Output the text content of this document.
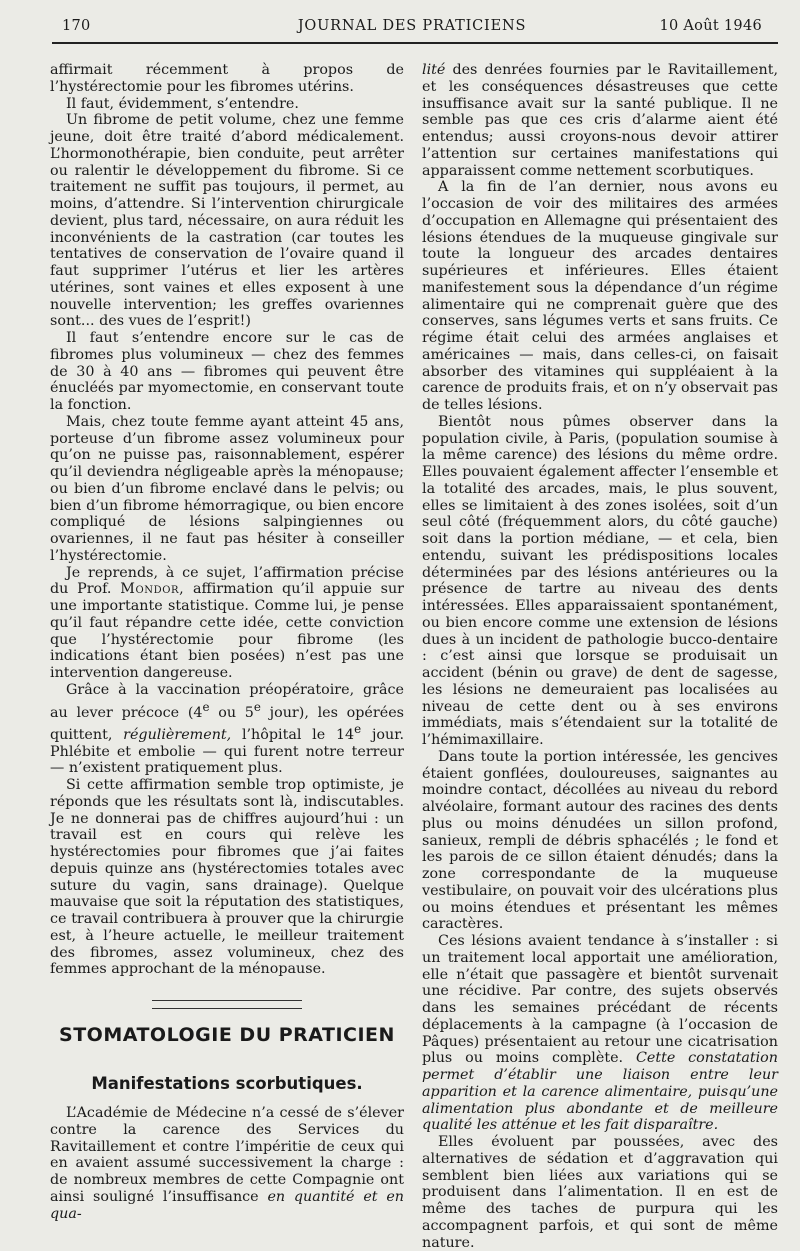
170	JOURNAL DES PRATICIENS	10 Août 1946

affirmait récemment à propos de l’hystérectomie pour les fibromes utérins.

Il faut, évidemment, s’entendre.

Un fibrome de petit volume, chez une femme jeune, doit être traité d’abord médicalement. L’hormonothérapie, bien conduite, peut arrêter ou ralentir le développement du fibrome. Si ce traitement ne suffit pas toujours, il permet, au moins, d’attendre. Si l’intervention chirurgicale devient, plus tard, nécessaire, on aura réduit les inconvénients de la castration (car toutes les tentatives de conservation de l’ovaire quand il faut supprimer l’utérus et lier les artères utérines, sont vaines et elles exposent à une nouvelle intervention; les greffes ovariennes sont... des vues de l’esprit!)

Il faut s’entendre encore sur le cas de fibromes plus volumineux — chez des femmes de 30 à 40 ans — fibromes qui peuvent être énucléés par myomectomie, en conservant toute la fonction.

Mais, chez toute femme ayant atteint 45 ans, porteuse d’un fibrome assez volumineux pour qu’on ne puisse pas, raisonnablement, espérer qu’il deviendra négligeable après la ménopause; ou bien d’un fibrome enclavé dans le pelvis; ou bien d’un fibrome hémorragique, ou bien encore compliqué de lésions salpingiennes ou ovariennes, il ne faut pas hésiter à conseiller l’hystérectomie.

Je reprends, à ce sujet, l’affirmation précise du Prof. Mondor, affirmation qu’il appuie sur une importante statistique. Comme lui, je pense qu’il faut répandre cette idée, cette conviction que l’hystérectomie pour fibrome (les indications étant bien posées) n’est pas une intervention dangereuse.

Grâce à la vaccination préopératoire, grâce au lever précoce (4e ou 5e jour), les opérées quittent, régulièrement, l’hôpital le 14e jour. Phlébite et embolie — qui furent notre terreur — n’existent pratiquement plus.

Si cette affirmation semble trop optimiste, je réponds que les résultats sont là, indiscutables. Je ne donnerai pas de chiffres aujourd’hui : un travail est en cours qui relève les hystérectomies pour fibromes que j’ai faites depuis quinze ans (hystérectomies totales avec suture du vagin, sans drainage). Quelque mauvaise que soit la réputation des statistiques, ce travail contribuera à prouver que la chirurgie est, à l’heure actuelle, le meilleur traitement des fibromes, assez volumineux, chez des femmes approchant de la ménopause.

STOMATOLOGIE DU PRATICIEN
Manifestations scorbutiques.

L’Académie de Médecine n’a cessé de s’élever contre la carence des Services du Ravitaillement et contre l’impéritie de ceux qui en avaient assumé successivement la charge : de nombreux membres de cette Compagnie ont ainsi souligné l’insuffisance en quantité et en qua-

lité des denrées fournies par le Ravitaillement, et les conséquences désastreuses que cette insuffisance avait sur la santé publique. Il ne semble pas que ces cris d’alarme aient été entendus; aussi croyons-nous devoir attirer l’attention sur certaines manifestations qui apparaissent comme nettement scorbutiques.

A la fin de l’an dernier, nous avons eu l’occasion de voir des militaires des armées d’occupation en Allemagne qui présentaient des lésions étendues de la muqueuse gingivale sur toute la longueur des arcades dentaires supérieures et inférieures. Elles étaient manifestement sous la dépendance d’un régime alimentaire qui ne comprenait guère que des conserves, sans légumes verts et sans fruits. Ce régime était celui des armées anglaises et américaines — mais, dans celles-ci, on faisait absorber des vitamines qui suppléaient à la carence de produits frais, et on n’y observait pas de telles lésions.

Bientôt nous pûmes observer dans la population civile, à Paris, (population soumise à la même carence) des lésions du même ordre. Elles pouvaient également affecter l’ensemble et la totalité des arcades, mais, le plus souvent, elles se limitaient à des zones isolées, soit d’un seul côté (fréquemment alors, du côté gauche) soit dans la portion médiane, — et cela, bien entendu, suivant les prédispositions locales déterminées par des lésions antérieures ou la présence de tartre au niveau des dents intéressées. Elles apparaissaient spontanément, ou bien encore comme une extension de lésions dues à un incident de pathologie bucco-dentaire : c’est ainsi que lorsque se produisait un accident (bénin ou grave) de dent de sagesse, les lésions ne demeuraient pas localisées au niveau de cette dent ou à ses environs immédiats, mais s’étendaient sur la totalité de l’hémimaxillaire.

Dans toute la portion intéressée, les gencives étaient gonflées, douloureuses, saignantes au moindre contact, décollées au niveau du rebord alvéolaire, formant autour des racines des dents plus ou moins dénudées un sillon profond, sanieux, rempli de débris sphacélés ; le fond et les parois de ce sillon étaient dénudés; dans la zone correspondante de la muqueuse vestibulaire, on pouvait voir des ulcérations plus ou moins étendues et présentant les mêmes caractères.

Ces lésions avaient tendance à s’installer : si un traitement local apportait une amélioration, elle n’était que passagère et bientôt survenait une récidive. Par contre, des sujets observés dans les semaines précédant de récents déplacements à la campagne (à l’occasion de Pâques) présentaient au retour une cicatrisation plus ou moins complète. Cette constatation permet d’établir une liaison entre leur apparition et la carence alimentaire, puisqu’une alimentation plus abondante et de meilleure qualité les atténue et les fait disparaître.

Elles évoluent par poussées, avec des alternatives de sédation et d’aggravation qui semblent bien liées aux variations qui se produisent dans l’alimentation. Il en est de même des taches de purpura qui les accompagnent parfois, et qui sont de même nature.
